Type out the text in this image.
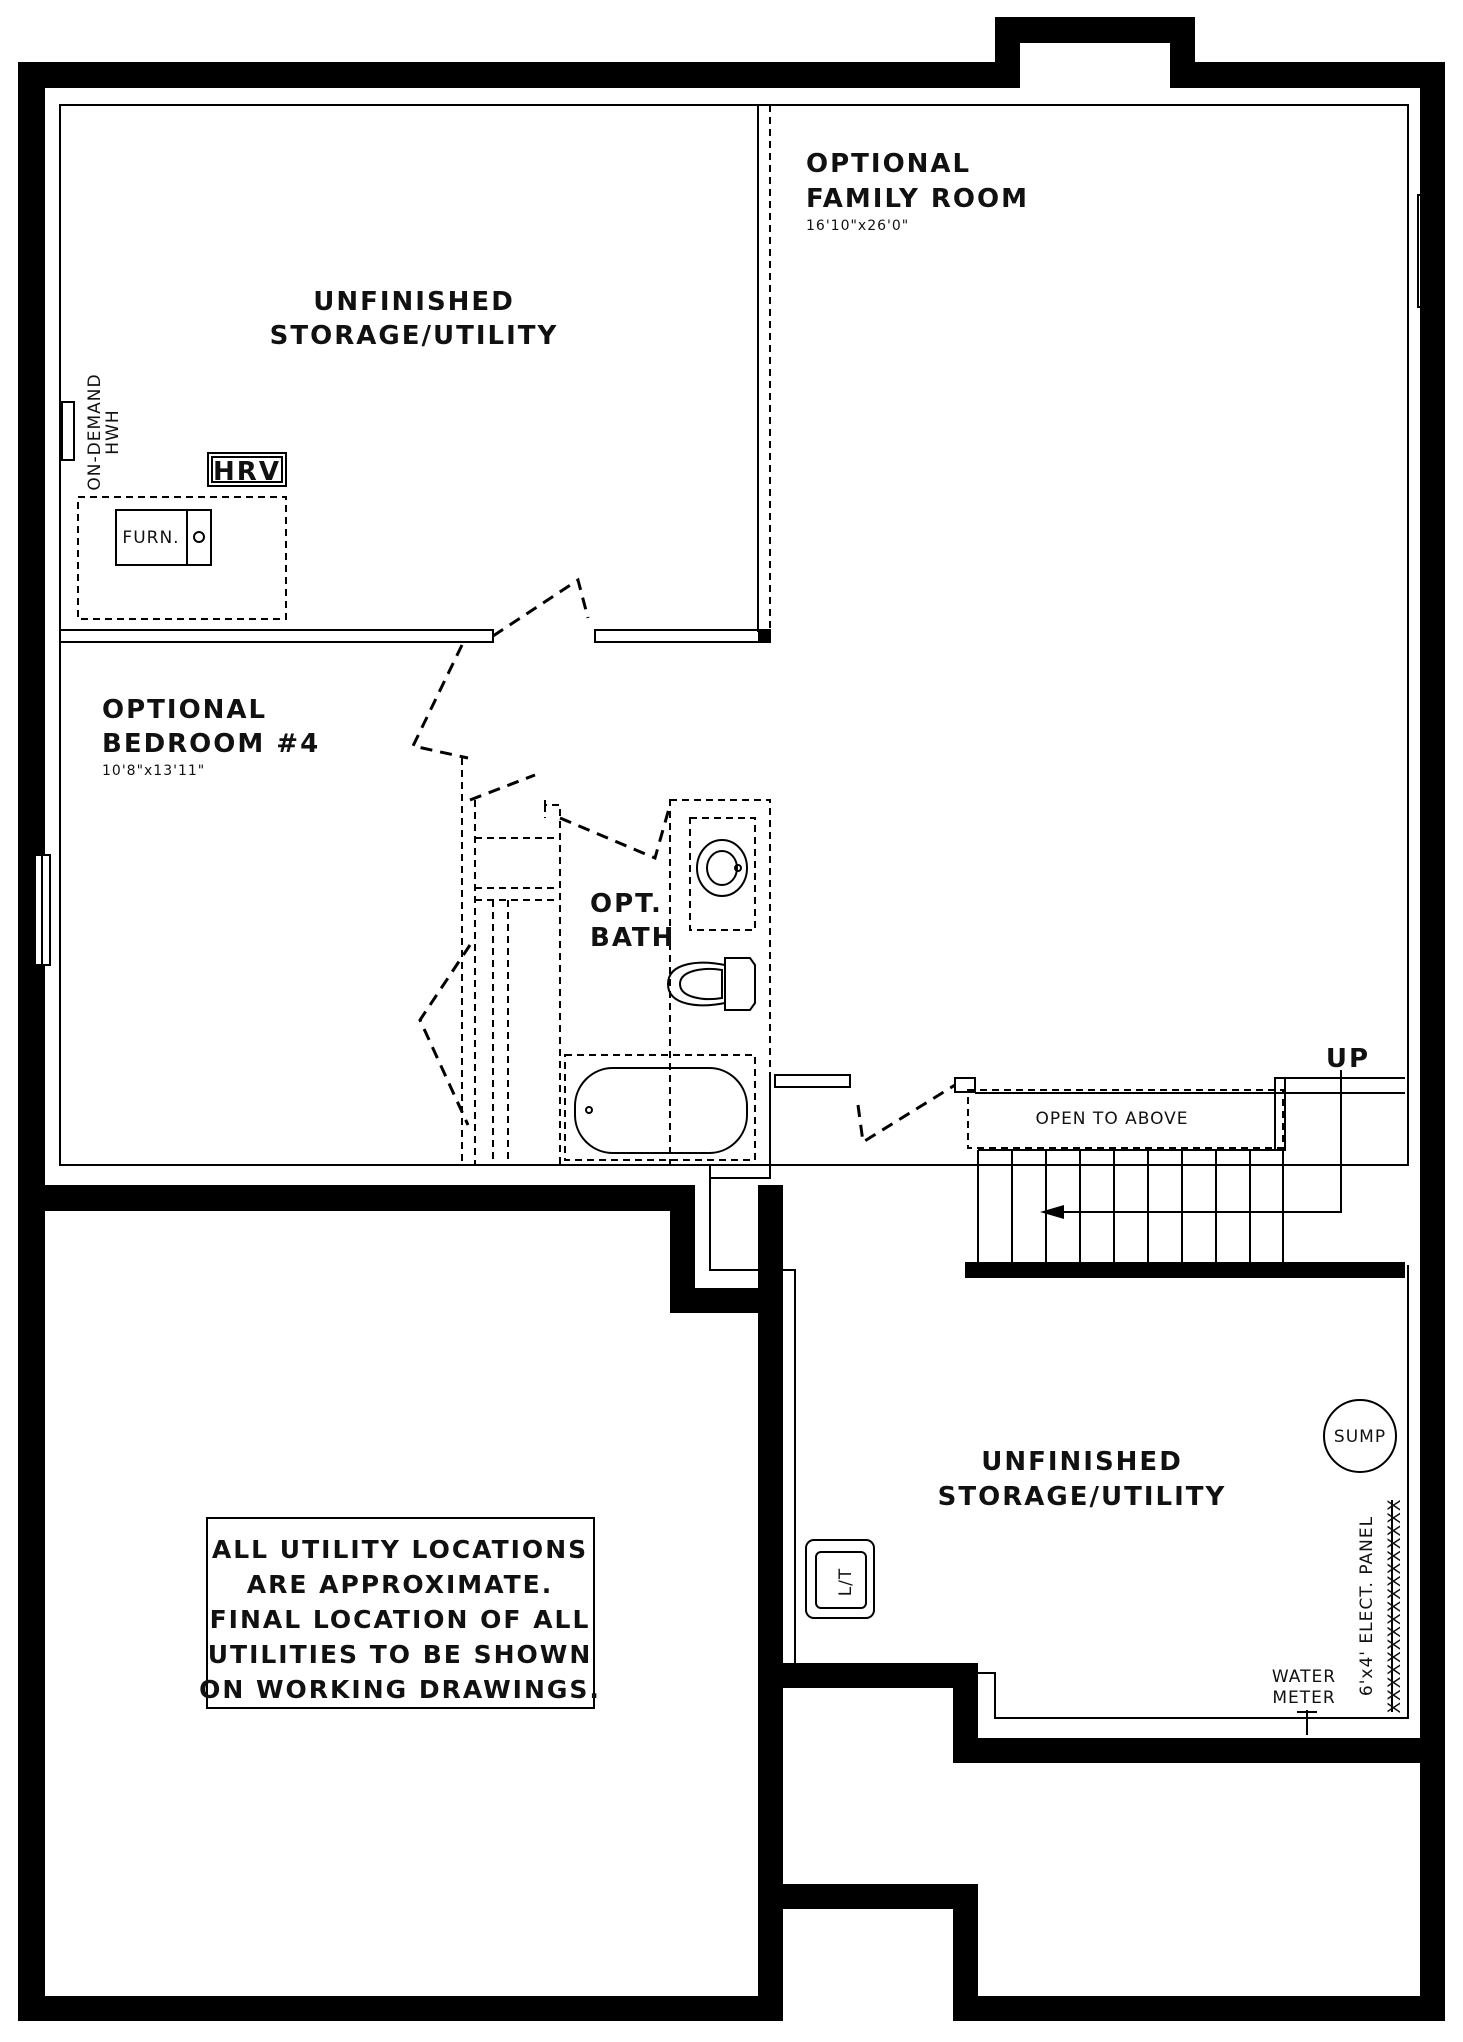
OPEN TO ABOVE
UP
ON-DEMAND
HWH
HRV
FURN.
L/T
SUMP
XXXXXXXXXXXXXXXXX
6'x4' ELECT. PANEL
WATER
METER
OPTIONAL
FAMILY ROOM
16'10"x26'0"
UNFINISHED
STORAGE/UTILITY
OPTIONAL
BEDROOM #4
10'8"x13'11"
OPT.
BATH
UNFINISHED
STORAGE/UTILITY
ALL UTILITY LOCATIONS
ARE APPROXIMATE.
FINAL LOCATION OF ALL
UTILITIES TO BE SHOWN
ON WORKING DRAWINGS.
